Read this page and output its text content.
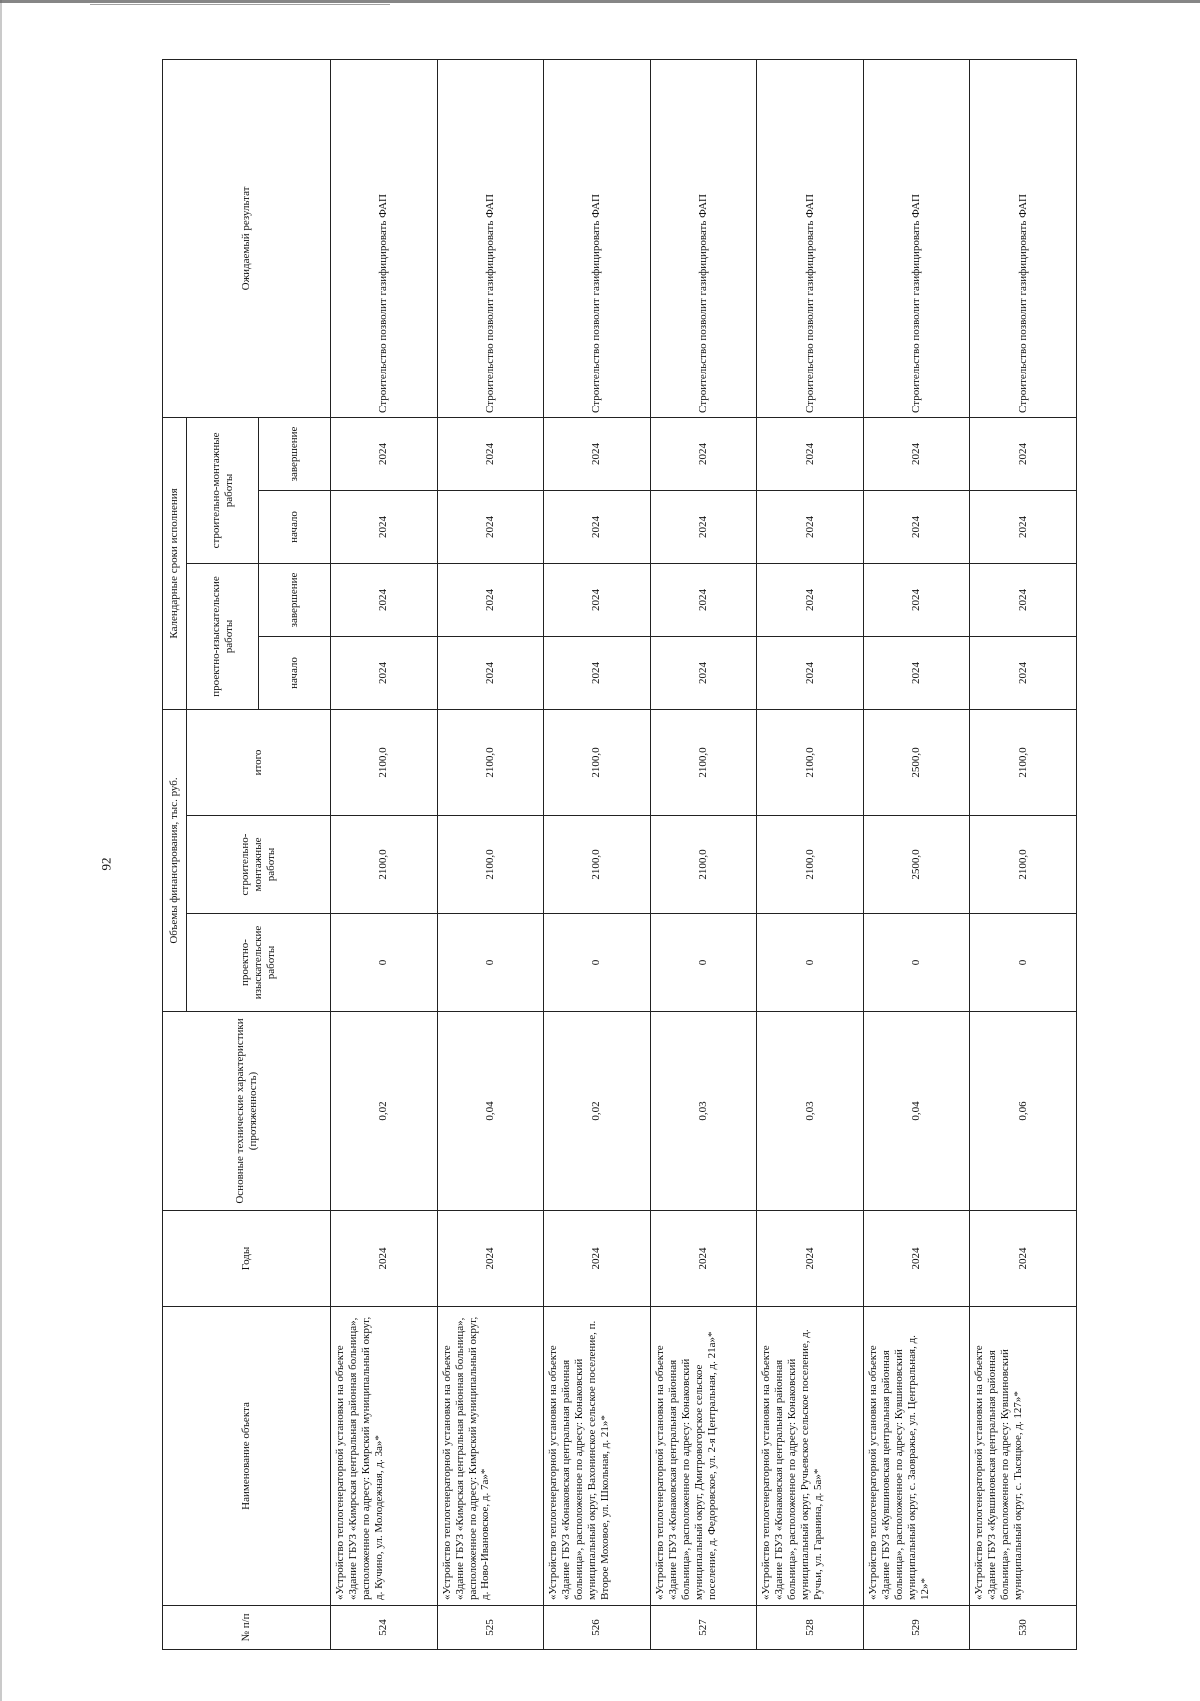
92
№ п/п	Наименование объекта	Годы	Основные технические характеристики (протяженность)	Объемы финансирования, тыс. руб.			Календарные сроки исполнения				Ожидаемый результат
				проектно-изыскательские работы	строительно-монтажные работы	итого	проектно-изыскательские работы		строительно-монтажные работы		
							начало	завершение	начало	завершение	
524	«Устройство теплогенераторной установки на объекте «Здание ГБУЗ «Кимрская центральная районная больница», расположенное по адресу: Кимрский муниципальный округ, д. Кучино, ул. Молодежная, д. 3а»*	2024	0,02	0	2100,0	2100,0	2024	2024	2024	2024	Строительство позволит газифицировать ФАП
525	«Устройство теплогенераторной установки на объекте «Здание ГБУЗ «Кимрская центральная районная больница», расположенное по адресу: Кимрский муниципальный округ, д. Ново-Ивановское, д. 7а»*	2024	0,04	0	2100,0	2100,0	2024	2024	2024	2024	Строительство позволит газифицировать ФАП
526	«Устройство теплогенераторной установки на объекте «Здание ГБУЗ «Конаковская центральная районная больница», расположенное по адресу: Конаковский муниципальный округ, Вахонинское сельское поселение, п. Второе Моховое, ул. Школьная, д. 21»*	2024	0,02	0	2100,0	2100,0	2024	2024	2024	2024	Строительство позволит газифицировать ФАП
527	«Устройство теплогенераторной установки на объекте «Здание ГБУЗ «Конаковская центральная районная больница», расположенное по адресу: Конаковский муниципальный округ, Дмитровогорское сельское поселение, д. Федоровское, ул. 2-я Центральная, д. 21а»*	2024	0,03	0	2100,0	2100,0	2024	2024	2024	2024	Строительство позволит газифицировать ФАП
528	«Устройство теплогенераторной установки на объекте «Здание ГБУЗ «Конаковская центральная районная больница», расположенное по адресу: Конаковский муниципальный округ, Ручьевское сельское поселение, д. Ручьи, ул. Гаранина, д. 5а»*	2024	0,03	0	2100,0	2100,0	2024	2024	2024	2024	Строительство позволит газифицировать ФАП
529	«Устройство теплогенераторной установки на объекте «Здание ГБУЗ «Кувшиновская центральная районная больница», расположенное по адресу: Кувшиновский муниципальный округ, с. Заовражье, ул. Центральная, д. 12»*	2024	0,04	0	2500,0	2500,0	2024	2024	2024	2024	Строительство позволит газифицировать ФАП
530	«Устройство теплогенераторной установки на объекте «Здание ГБУЗ «Кувшиновская центральная районная больница», расположенное по адресу: Кувшиновский муниципальный округ, с. Тысяцкое, д. 127»*	2024	0,06	0	2100,0	2100,0	2024	2024	2024	2024	Строительство позволит газифицировать ФАП
